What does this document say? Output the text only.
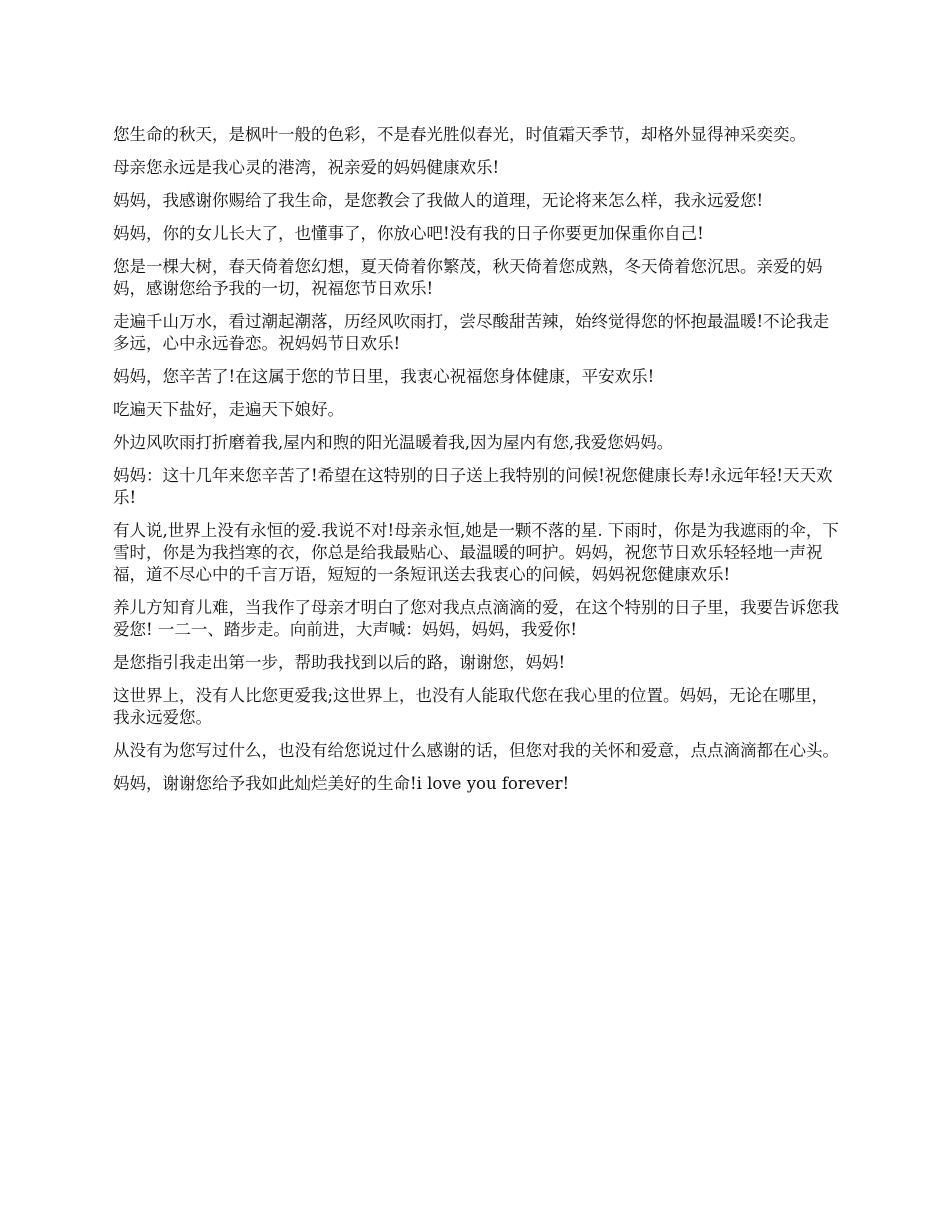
您生命的秋天，是枫叶一般的色彩，不是春光胜似春光，时值霜天季节，却格外显得神采奕奕。

母亲您永远是我心灵的港湾，祝亲爱的妈妈健康欢乐!

妈妈，我感谢你赐给了我生命，是您教会了我做人的道理，无论将来怎么样，我永远爱您!

妈妈，你的女儿长大了，也懂事了，你放心吧!没有我的日子你要更加保重你自己!

您是一棵大树，春天倚着您幻想，夏天倚着你繁茂，秋天倚着您成熟，冬天倚着您沉思。亲爱的妈妈，感谢您给予我的一切，祝福您节日欢乐!

走遍千山万水，看过潮起潮落，历经风吹雨打，尝尽酸甜苦辣，始终觉得您的怀抱最温暖!不论我走多远，心中永远眷恋。祝妈妈节日欢乐!

妈妈，您辛苦了!在这属于您的节日里，我衷心祝福您身体健康，平安欢乐!

吃遍天下盐好，走遍天下娘好。

外边风吹雨打折磨着我,屋内和煦的阳光温暖着我,因为屋内有您,我爱您妈妈。

妈妈：这十几年来您辛苦了!希望在这特别的日子送上我特别的问候!祝您健康长寿!永远年轻!天天欢乐!

有人说,世界上没有永恒的爱.我说不对!母亲永恒,她是一颗不落的星. 下雨时，你是为我遮雨的伞，下雪时，你是为我挡寒的衣，你总是给我最贴心、最温暖的呵护。妈妈，祝您节日欢乐轻轻地一声祝福，道不尽心中的千言万语，短短的一条短讯送去我衷心的问候，妈妈祝您健康欢乐!

养儿方知育儿难，当我作了母亲才明白了您对我点点滴滴的爱，在这个特别的日子里，我要告诉您我爱您! 一二一、踏步走。向前进，大声喊：妈妈，妈妈，我爱你!

是您指引我走出第一步，帮助我找到以后的路，谢谢您，妈妈!

这世界上，没有人比您更爱我;这世界上，也没有人能取代您在我心里的位置。妈妈，无论在哪里，我永远爱您。

从没有为您写过什么，也没有给您说过什么感谢的话，但您对我的关怀和爱意，点点滴滴都在心头。

妈妈，谢谢您给予我如此灿烂美好的生命!i love you forever!
